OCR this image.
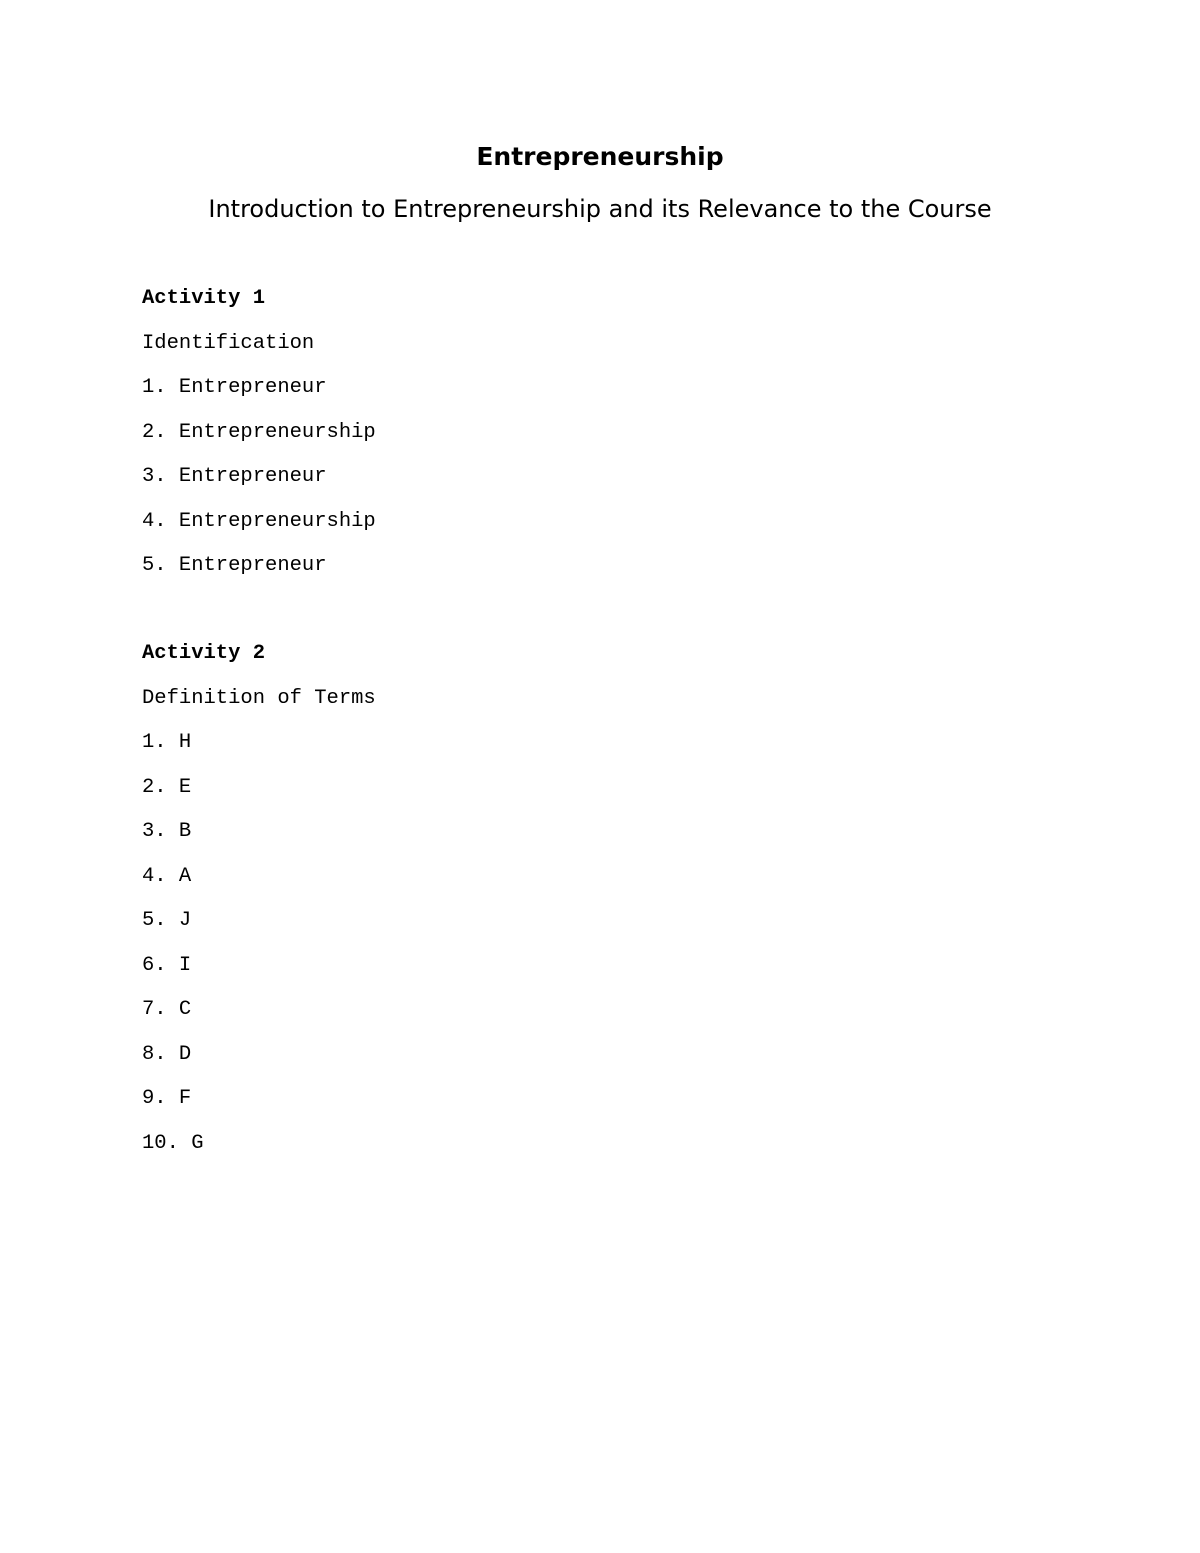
Entrepreneurship
Introduction to Entrepreneurship and its Relevance to the Course
Activity 1
Identification
1. Entrepreneur
2. Entrepreneurship
3. Entrepreneur
4. Entrepreneurship
5. Entrepreneur
Activity 2
Definition of Terms
1. H
2. E
3. B
4. A
5. J
6. I
7. C
8. D
9. F
10. G
